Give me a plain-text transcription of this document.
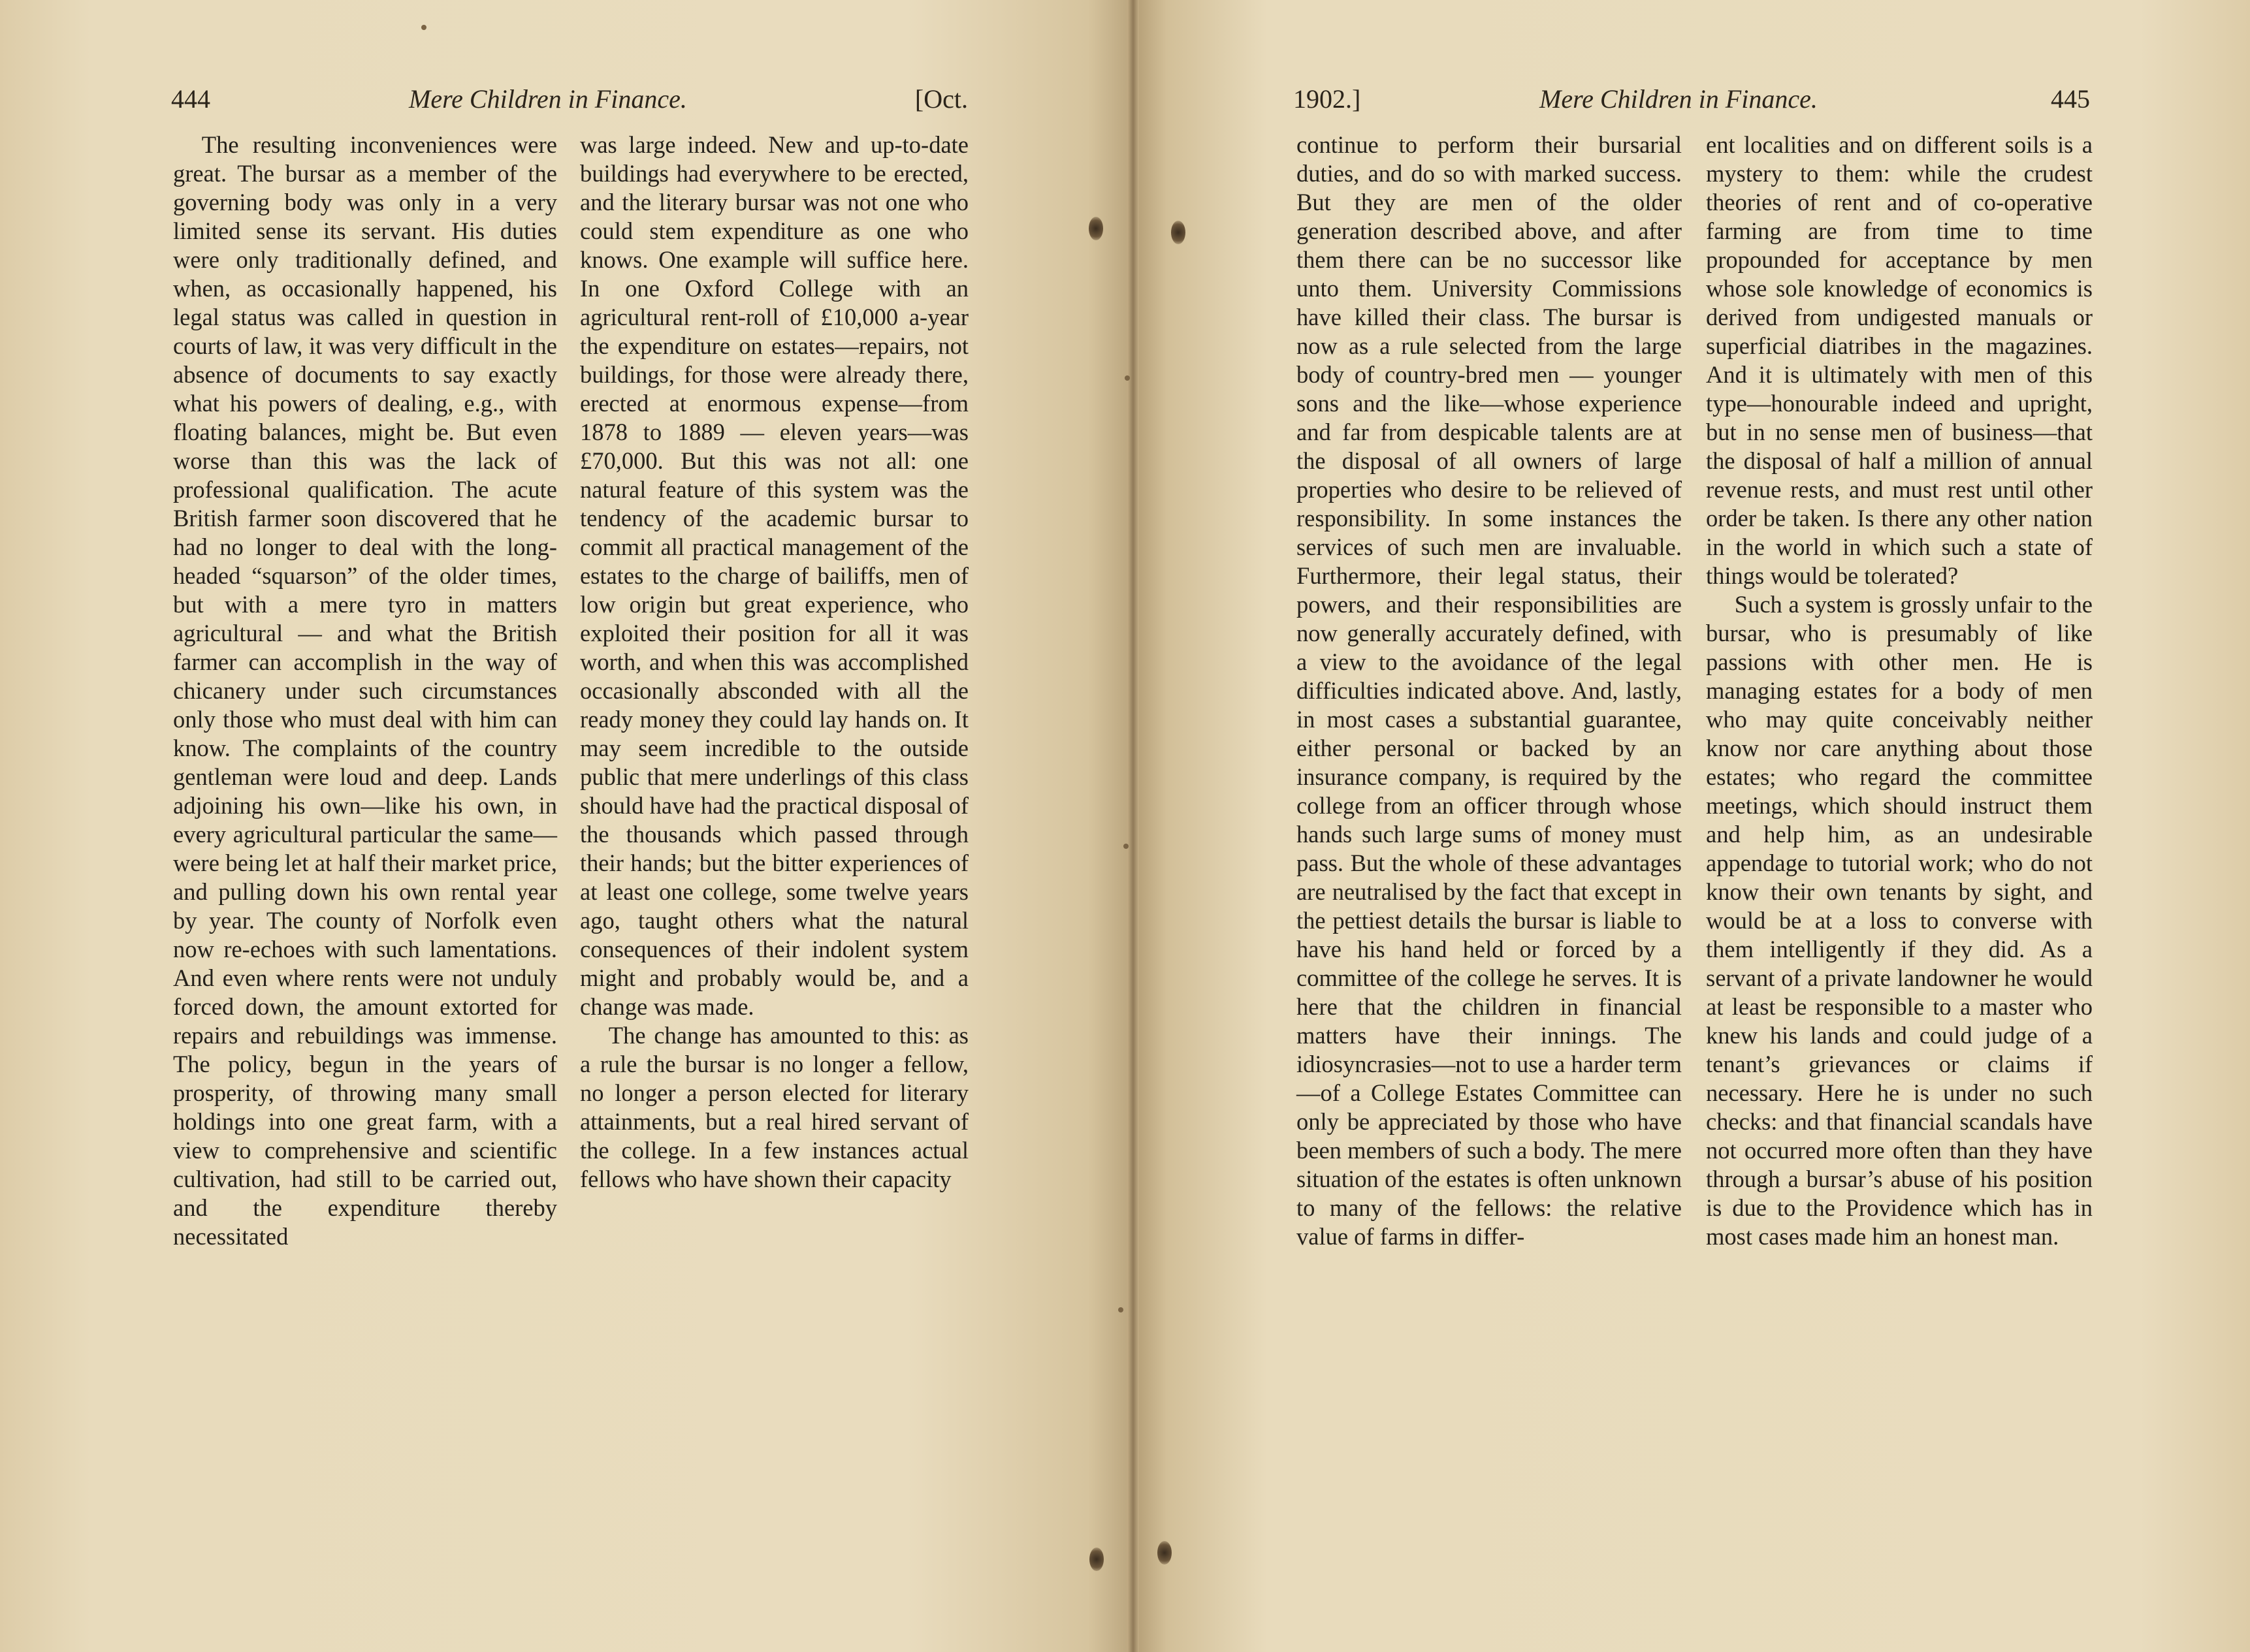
444	Mere Children in Finance.	[Oct.

The resulting inconveniences were great. The bursar as a member of the governing body was only in a very limited sense its servant. His duties were only traditionally defined, and when, as occasionally happened, his legal status was called in question in courts of law, it was very difficult in the absence of documents to say exactly what his powers of dealing, e.g., with floating balances, might be. But even worse than this was the lack of professional qualification. The acute British farmer soon discovered that he had no longer to deal with the long-headed “squarson” of the older times, but with a mere tyro in matters agricultural — and what the British farmer can accomplish in the way of chicanery under such circumstances only those who must deal with him can know. The complaints of the country gentleman were loud and deep. Lands adjoining his own—like his own, in every agricultural particular the same—were being let at half their market price, and pulling down his own rental year by year. The county of Norfolk even now re-echoes with such lamentations. And even where rents were not unduly forced down, the amount extorted for repairs and rebuildings was immense. The policy, begun in the years of prosperity, of throwing many small holdings into one great farm, with a view to comprehensive and scientific cultivation, had still to be carried out, and the expenditure thereby necessitated

was large indeed. New and up-to-date buildings had everywhere to be erected, and the literary bursar was not one who could stem expenditure as one who knows. One example will suffice here. In one Oxford College with an agricultural rent-roll of £10,000 a-year the expenditure on estates—repairs, not buildings, for those were already there, erected at enormous expense—from 1878 to 1889 — eleven years—was £70,000. But this was not all: one natural feature of this system was the tendency of the academic bursar to commit all practical management of the estates to the charge of bailiffs, men of low origin but great experience, who exploited their position for all it was worth, and when this was accomplished occasionally absconded with all the ready money they could lay hands on. It may seem incredible to the outside public that mere underlings of this class should have had the practical disposal of the thousands which passed through their hands; but the bitter experiences of at least one college, some twelve years ago, taught others what the natural consequences of their indolent system might and probably would be, and a change was made.

The change has amounted to this: as a rule the bursar is no longer a fellow, no longer a person elected for literary attainments, but a real hired servant of the college. In a few instances actual fellows who have shown their capacity

1902.]	Mere Children in Finance.	445

continue to perform their bursarial duties, and do so with marked success. But they are men of the older generation described above, and after them there can be no successor like unto them. University Commissions have killed their class. The bursar is now as a rule selected from the large body of country-bred men — younger sons and the like—whose experience and far from despicable talents are at the disposal of all owners of large properties who desire to be relieved of responsibility. In some instances the services of such men are invaluable. Furthermore, their legal status, their powers, and their responsibilities are now generally accurately defined, with a view to the avoidance of the legal difficulties indicated above. And, lastly, in most cases a substantial guarantee, either personal or backed by an insurance company, is required by the college from an officer through whose hands such large sums of money must pass. But the whole of these advantages are neutralised by the fact that except in the pettiest details the bursar is liable to have his hand held or forced by a committee of the college he serves. It is here that the children in financial matters have their innings. The idiosyncrasies—not to use a harder term—of a College Estates Committee can only be appreciated by those who have been members of such a body. The mere situation of the estates is often unknown to many of the fellows: the relative value of farms in differ-

ent localities and on different soils is a mystery to them: while the crudest theories of rent and of co-operative farming are from time to time propounded for acceptance by men whose sole knowledge of economics is derived from undigested manuals or superficial diatribes in the magazines. And it is ultimately with men of this type—honourable indeed and upright, but in no sense men of business—that the disposal of half a million of annual revenue rests, and must rest until other order be taken. Is there any other nation in the world in which such a state of things would be tolerated?

Such a system is grossly unfair to the bursar, who is presumably of like passions with other men. He is managing estates for a body of men who may quite conceivably neither know nor care anything about those estates; who regard the committee meetings, which should instruct them and help him, as an undesirable appendage to tutorial work; who do not know their own tenants by sight, and would be at a loss to converse with them intelligently if they did. As a servant of a private landowner he would at least be responsible to a master who knew his lands and could judge of a tenant’s grievances or claims if necessary. Here he is under no such checks: and that financial scandals have not occurred more often than they have through a bursar’s abuse of his position is due to the Providence which has in most cases made him an honest man.
